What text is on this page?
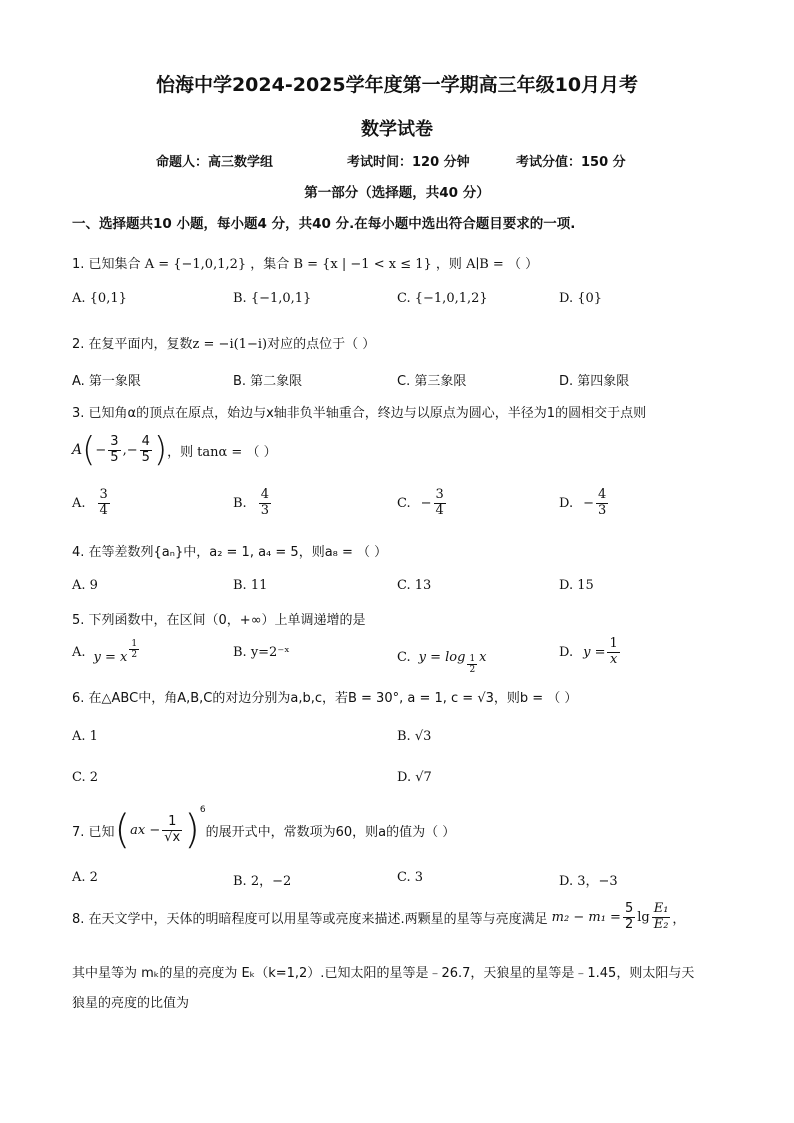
怡海中学2024-2025学年度第一学期高三年级10月月考
数学试卷
命题人：高三数学组	考试时间：120 分钟	考试分值：150 分
第一部分（选择题，共40 分）
一、选择题共10 小题，每小题4 分，共40 分.在每小题中选出符合题目要求的一项.
1. 已知集合 A = {−1,0,1,2} ，集合 B = {x | −1 < x ≤ 1} ，则 A∣B = （ ）
A. {0,1}	B. {−1,0,1}	C. {−1,0,1,2}	D. {0}
2. 在复平面内，复数z = −i(1−i)对应的点位于（ ）
A. 第一象限	B. 第二象限	C. 第三象限	D. 第四象限
3. 已知角α的顶点在原点，始边与x轴非负半轴重合，终边与以原点为圆心，半径为1的圆相交于点则
A ( − $\frac{3}{5}$ ,− $\frac{4}{5}$ ) ，则 tanα = （ ）
A. $\frac{3}{4}$	B. $\frac{4}{3}$	C. − $\frac{3}{4}$	D. − $\frac{4}{3}$
4. 在等差数列{aₙ}中，a₂ = 1, a₄ = 5，则a₈ = （ ）
A. 9	B. 11	C. 13	D. 15
5. 下列函数中，在区间（0，+∞）上单调递增的是
A. y = x $\frac{1}{2}$	B. y=2⁻ˣ	C. $y = \log \frac{1}{2}$ x	D. $y = \frac{1}{x}$
6. 在△ABC中，角A,B,C的对边分别为a,b,c，若B = 30°, a = 1, c = √3，则b = （ ）
A. 1	B. √3
C. 2	D. √7
7. 已知 ( ax − $\frac{1}{√x}$ ) 6
的展开式中，常数项为60，则a的值为（ ）
A. 2	B. 2，−2	C. 3	D. 3，−3
8. 在天文学中，天体的明暗程度可以用星等或亮度来描述.两颗星的星等与亮度满足 $m_2 - m_1 = \frac{5}{2}$ $\lg \frac{\text{E₁}}{\text{E₂}}$ ，
其中星等为 mₖ的星的亮度为 Eₖ（k=1,2）.已知太阳的星等是﹣26.7，天狼星的星等是﹣1.45，则太阳与天
狼星的亮度的比值为
